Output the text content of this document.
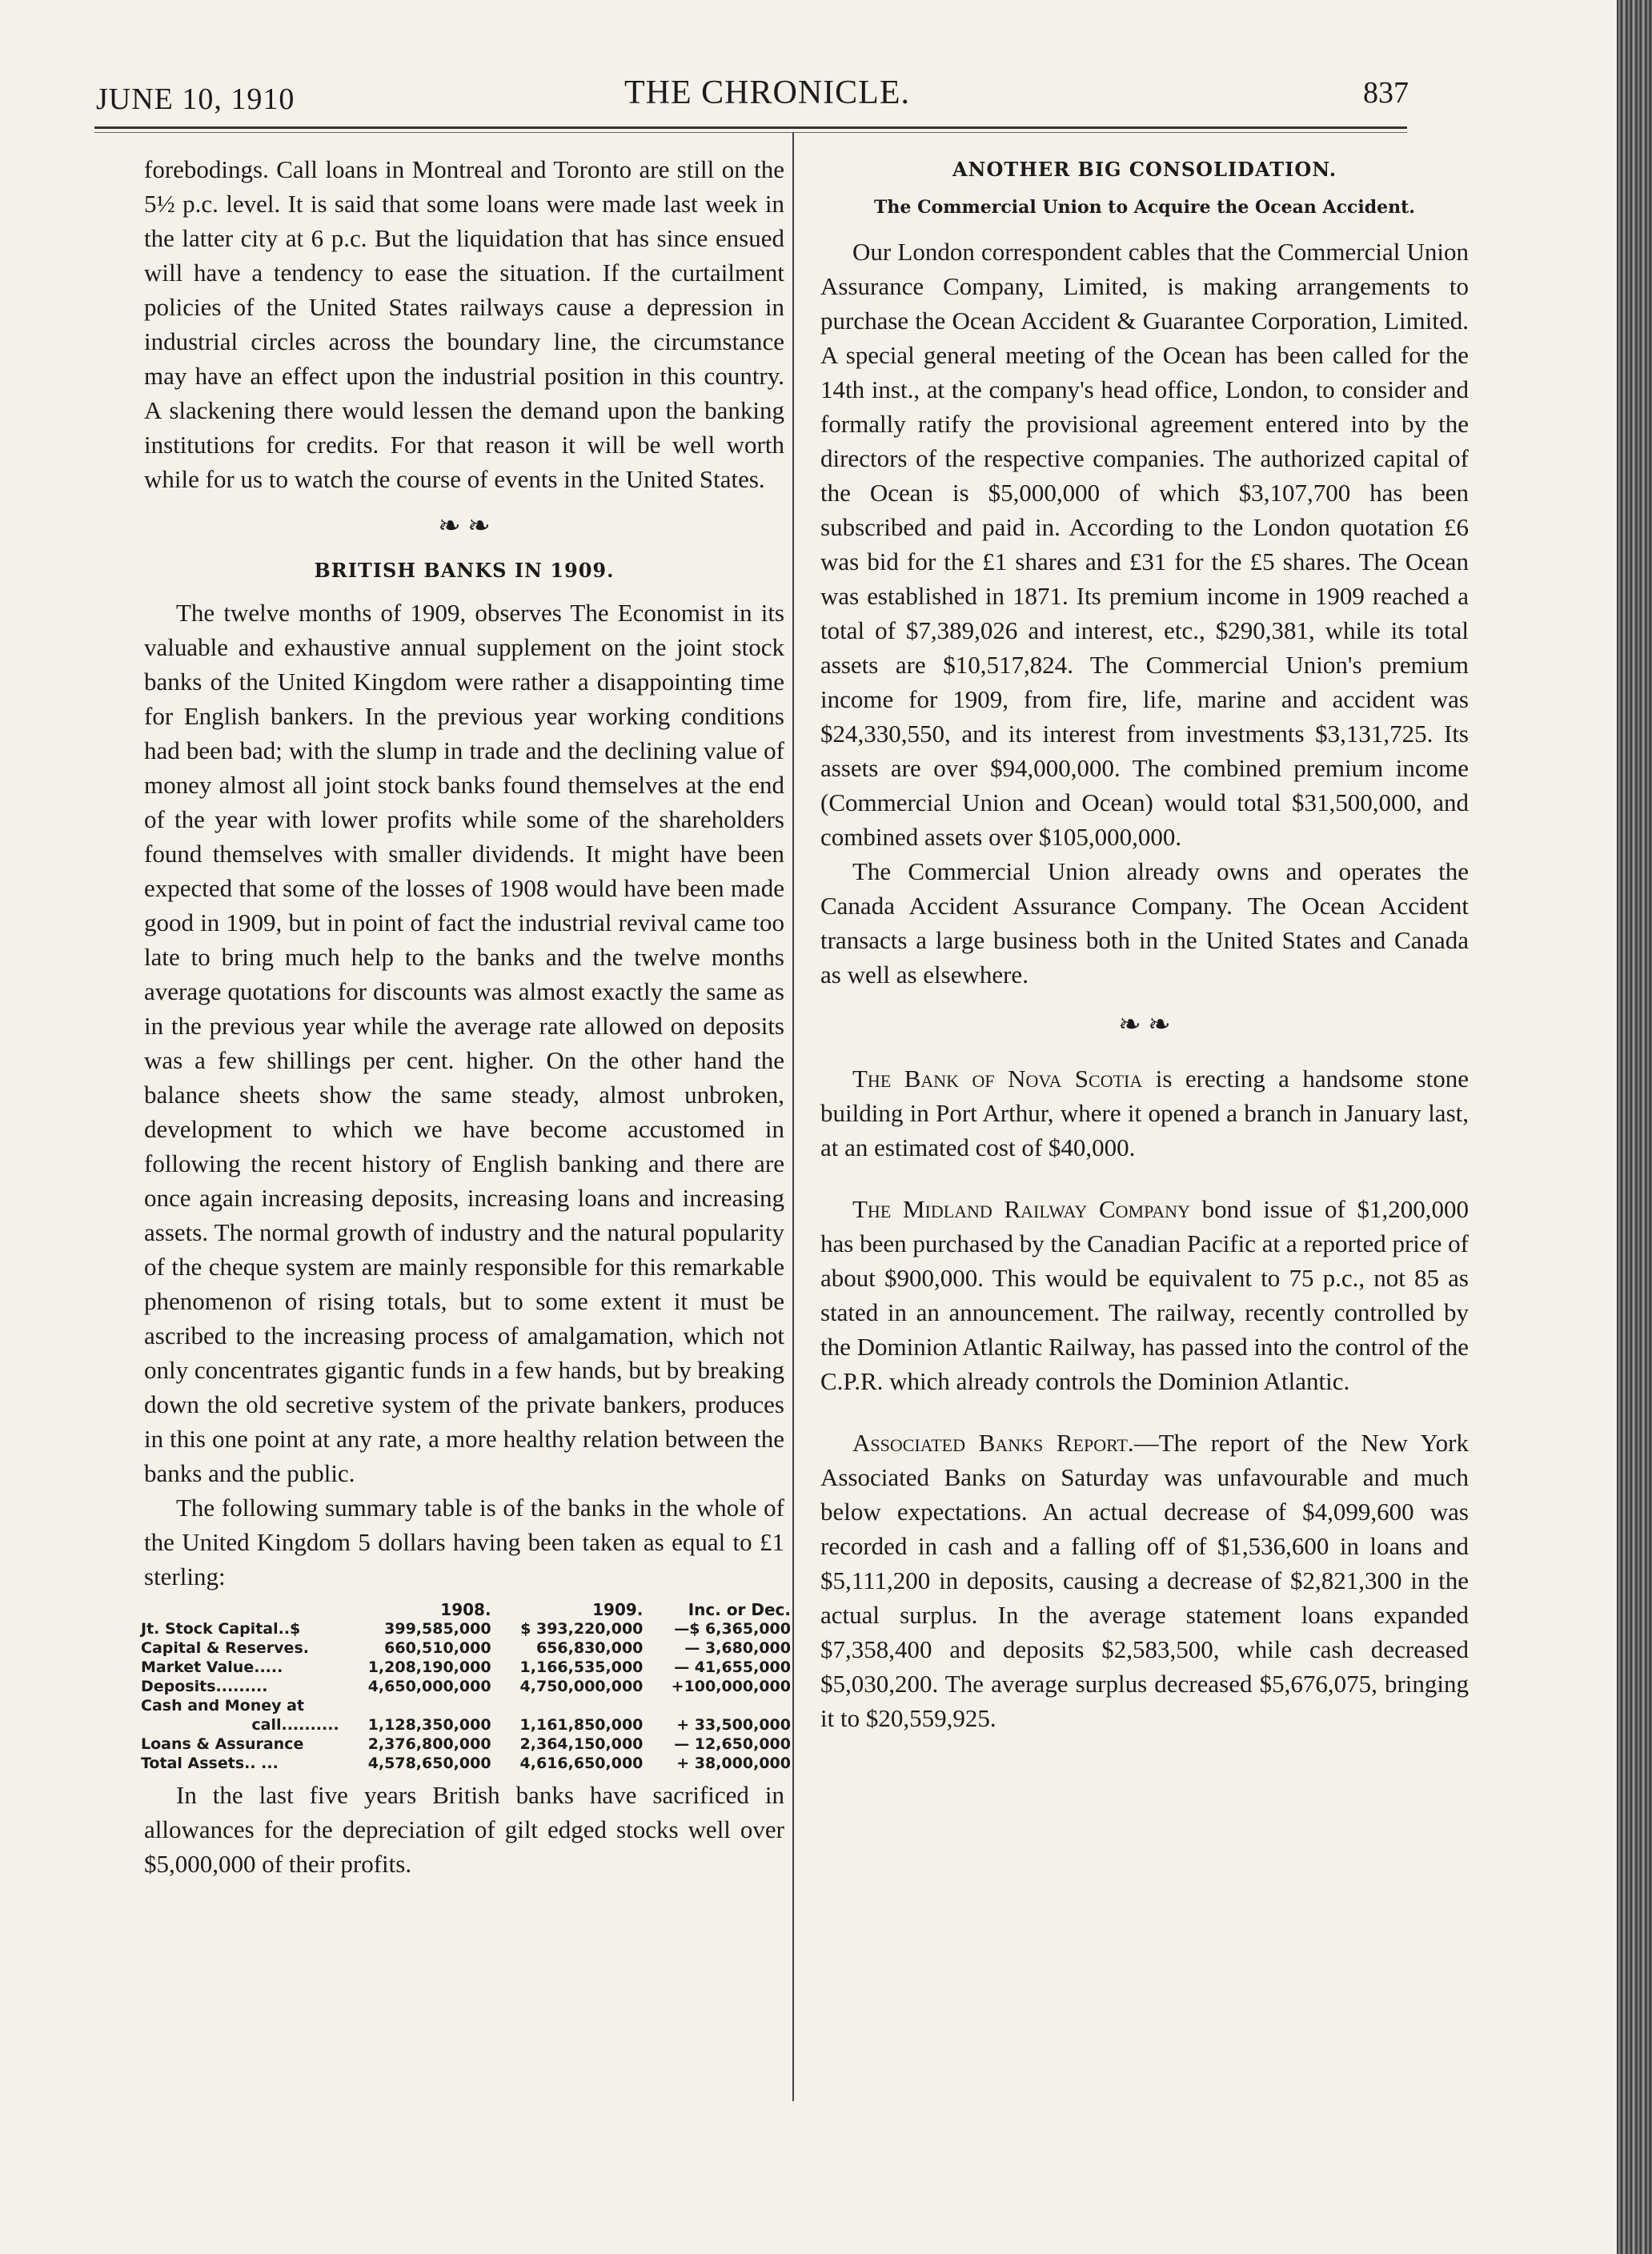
JUNE 10, 1910	THE CHRONICLE.	837

forebodings. Call loans in Montreal and Toronto are still on the 5½ p.c. level. It is said that some loans were made last week in the latter city at 6 p.c. But the liquidation that has since ensued will have a tendency to ease the situation. If the curtailment policies of the United States railways cause a depression in industrial circles across the boundary line, the circumstance may have an effect upon the industrial position in this country. A slackening there would lessen the demand upon the banking institutions for credits. For that reason it will be well worth while for us to watch the course of events in the United States.

❧ ❧
BRITISH BANKS IN 1909.

The twelve months of 1909, observes The Economist in its valuable and exhaustive annual supplement on the joint stock banks of the United Kingdom were rather a disappointing time for English bankers. In the previous year working conditions had been bad; with the slump in trade and the declining value of money almost all joint stock banks found themselves at the end of the year with lower profits while some of the shareholders found themselves with smaller dividends. It might have been expected that some of the losses of 1908 would have been made good in 1909, but in point of fact the industrial revival came too late to bring much help to the banks and the twelve months average quotations for discounts was almost exactly the same as in the previous year while the average rate allowed on deposits was a few shillings per cent. higher. On the other hand the balance sheets show the same steady, almost unbroken, development to which we have become accustomed in following the recent history of English banking and there are once again increasing deposits, increasing loans and increasing assets. The normal growth of industry and the natural popularity of the cheque system are mainly responsible for this remarkable phenomenon of rising totals, but to some extent it must be ascribed to the increasing process of amalgamation, which not only concentrates gigantic funds in a few hands, but by breaking down the old secretive system of the private bankers, produces in this one point at any rate, a more healthy relation between the banks and the public.

The following summary table is of the banks in the whole of the United Kingdom 5 dollars having been taken as equal to £1 sterling:

	1908.	1909.	Inc. or Dec.
Jt. Stock Capital..$	399,585,000	$ 393,220,000	—$ 6,365,000
Capital & Reserves.	660,510,000	656,830,000	— 3,680,000
Market Value.....	1,208,190,000	1,166,535,000	— 41,655,000
Deposits.........	4,650,000,000	4,750,000,000	+100,000,000
Cash and Money at			
call..........	1,128,350,000	1,161,850,000	+ 33,500,000
Loans & Assurance	2,376,800,000	2,364,150,000	— 12,650,000
Total Assets.. ...	4,578,650,000	4,616,650,000	+ 38,000,000

In the last five years British banks have sacrificed in allowances for the depreciation of gilt edged stocks well over $5,000,000 of their profits.

ANOTHER BIG CONSOLIDATION.
The Commercial Union to Acquire the Ocean Accident.

Our London correspondent cables that the Commercial Union Assurance Company, Limited, is making arrangements to purchase the Ocean Accident & Guarantee Corporation, Limited. A special general meeting of the Ocean has been called for the 14th inst., at the company's head office, London, to consider and formally ratify the provisional agreement entered into by the directors of the respective companies. The authorized capital of the Ocean is $5,000,000 of which $3,107,700 has been subscribed and paid in. According to the London quotation £6 was bid for the £1 shares and £31 for the £5 shares. The Ocean was established in 1871. Its premium income in 1909 reached a total of $7,389,026 and interest, etc., $290,381, while its total assets are $10,517,824. The Commercial Union's premium income for 1909, from fire, life, marine and accident was $24,330,550, and its interest from investments $3,131,725. Its assets are over $94,000,000. The combined premium income (Commercial Union and Ocean) would total $31,500,000, and combined assets over $105,000,000.

The Commercial Union already owns and operates the Canada Accident Assurance Company. The Ocean Accident transacts a large business both in the United States and Canada as well as elsewhere.

❧ ❧

The Bank of Nova Scotia is erecting a handsome stone building in Port Arthur, where it opened a branch in January last, at an estimated cost of $40,000.

The Midland Railway Company bond issue of $1,200,000 has been purchased by the Canadian Pacific at a reported price of about $900,000. This would be equivalent to 75 p.c., not 85 as stated in an announcement. The railway, recently controlled by the Dominion Atlantic Railway, has passed into the control of the C.P.R. which already controls the Dominion Atlantic.

Associated Banks Report.—The report of the New York Associated Banks on Saturday was unfavourable and much below expectations. An actual decrease of $4,099,600 was recorded in cash and a falling off of $1,536,600 in loans and $5,111,200 in deposits, causing a decrease of $2,821,300 in the actual surplus. In the average statement loans expanded $7,358,400 and deposits $2,583,500, while cash decreased $5,030,200. The average surplus decreased $5,676,075, bringing it to $20,559,925.
